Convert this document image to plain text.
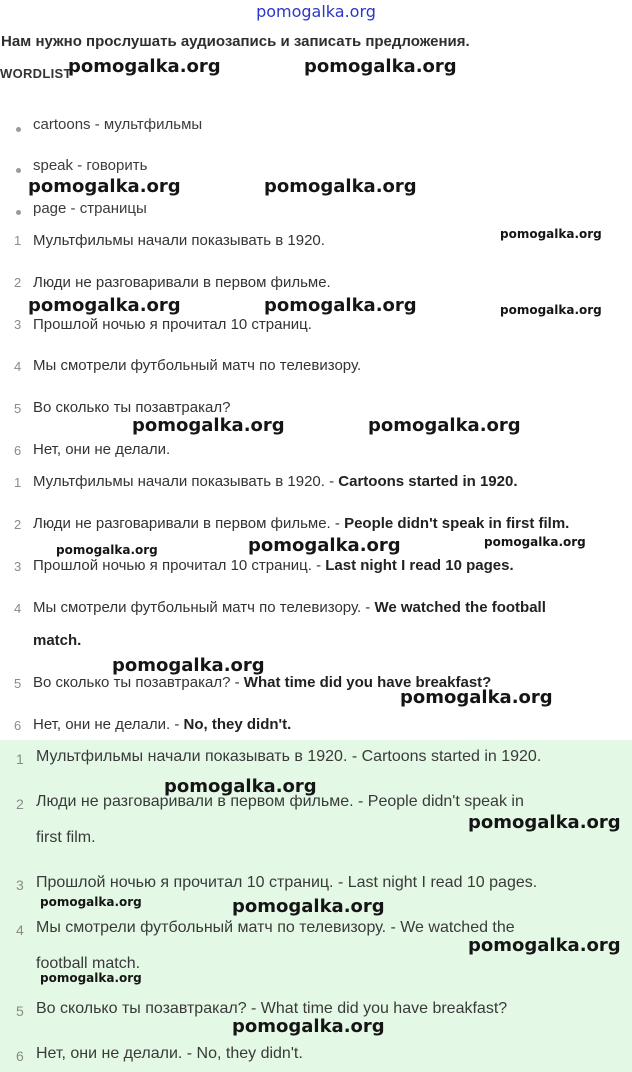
pomogalka.org
Нам нужно прослушать аудиозапись и записать предложения.
WORDLIST
cartoons - мультфильмы
speak - говорить
page - страницы
1 Мультфильмы начали показывать в 1920.
2 Люди не разговаривали в первом фильме.
3 Прошлой ночью я прочитал 10 страниц.
4 Мы смотрели футбольный матч по телевизору.
5 Во сколько ты позавтракал?
6 Нет, они не делали.
1 Мультфильмы начали показывать в 1920. - Cartoons started in 1920.
2 Люди не разговаривали в первом фильме. - People didn't speak in first film.
3 Прошлой ночью я прочитал 10 страниц. - Last night I read 10 pages.
4 Мы смотрели футбольный матч по телевизору. - We watched the football
match.
5 Во сколько ты позавтракал? - What time did you have breakfast?
6 Нет, они не делали. - No, they didn't.
1 Мультфильмы начали показывать в 1920. - Cartoons started in 1920.
2 Люди не разговаривали в первом фильме. - People didn't speak in
first film.
3 Прошлой ночью я прочитал 10 страниц. - Last night I read 10 pages.
4 Мы смотрели футбольный матч по телевизору. - We watched the
football match.
5 Во сколько ты позавтракал? - What time did you have breakfast?
6 Нет, они не делали. - No, they didn't.
pomogalka.org	pomogalka.org
pomogalka.org	pomogalka.org
pomogalka.org
pomogalka.org	pomogalka.org	pomogalka.org
pomogalka.org	pomogalka.org
pomogalka.org	pomogalka.org	pomogalka.org
pomogalka.org
pomogalka.org
pomogalka.org
pomogalka.org
pomogalka.org	pomogalka.org
pomogalka.org
pomogalka.org
pomogalka.org
